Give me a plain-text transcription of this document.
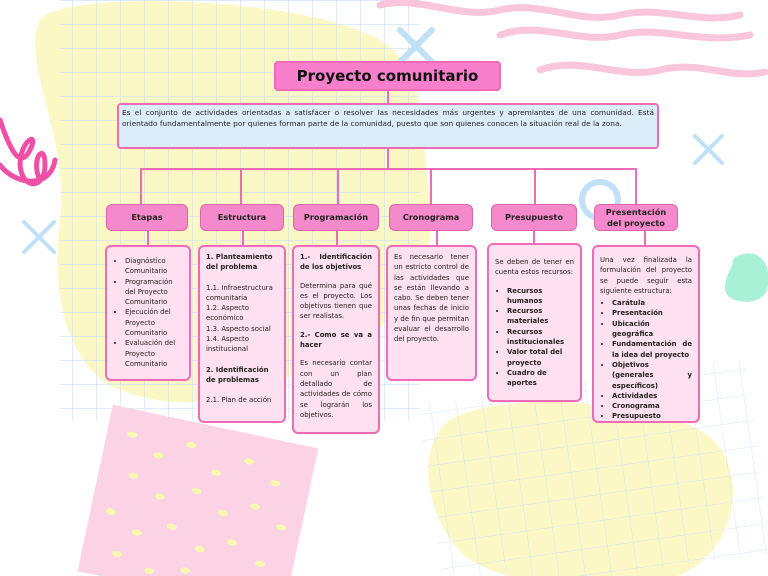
Proyecto comunitario
Es el conjunto de actividades orientadas a satisfacer o resolver las necesidades más urgentes y apremiantes de una comunidad. Está orientado fundamentalmente por quienes forman parte de la comunidad, puesto que son quienes conocen la situación real de la zona.
Etapas	Estructura	Programación	Cronograma	Presupuesto
Presentación del proyecto
• Diagnóstico Comunitario
• Programación del Proyecto Comunitario
• Ejecución del Proyecto Comunitario
• Evaluación del Proyecto Comunitario

1. Planteamiento del problema

1.1. Infraestructura comunitaria

1.2. Aspecto económico

1.3. Aspecto social

1.4. Aspecto institucional

2. Identificación de problemas

2.1. Plan de acción

1.- Identificación de los objetivos

Determina para qué es el proyecto. Los objetivos tienen que ser realistas.

2.- Como se va a hacer

Es necesario contar con un plan detallado de actividades de cómo se lograrán los objetivos.

Es necesario tener un estricto control de las actividades que se están llevando a cabo. Se deben tener unas fechas de inicio y de fin que permitan evaluar el desarrollo del proyecto.

Se deben de tener en cuenta estos recursos:

• Recursos humanos
• Recursos materiales
• Recursos institucionales
• Valor total del proyecto
• Cuadro de aportes

Una vez finalizada la formulación del proyecto se puede seguir esta siguiente estructura:

• Carátula
• Presentación
• Ubicación geográfica
• Fundamentación de la idea del proyecto
• Objetivos (generales y específicos)
• Actividades
• Cronograma
• Presupuesto
